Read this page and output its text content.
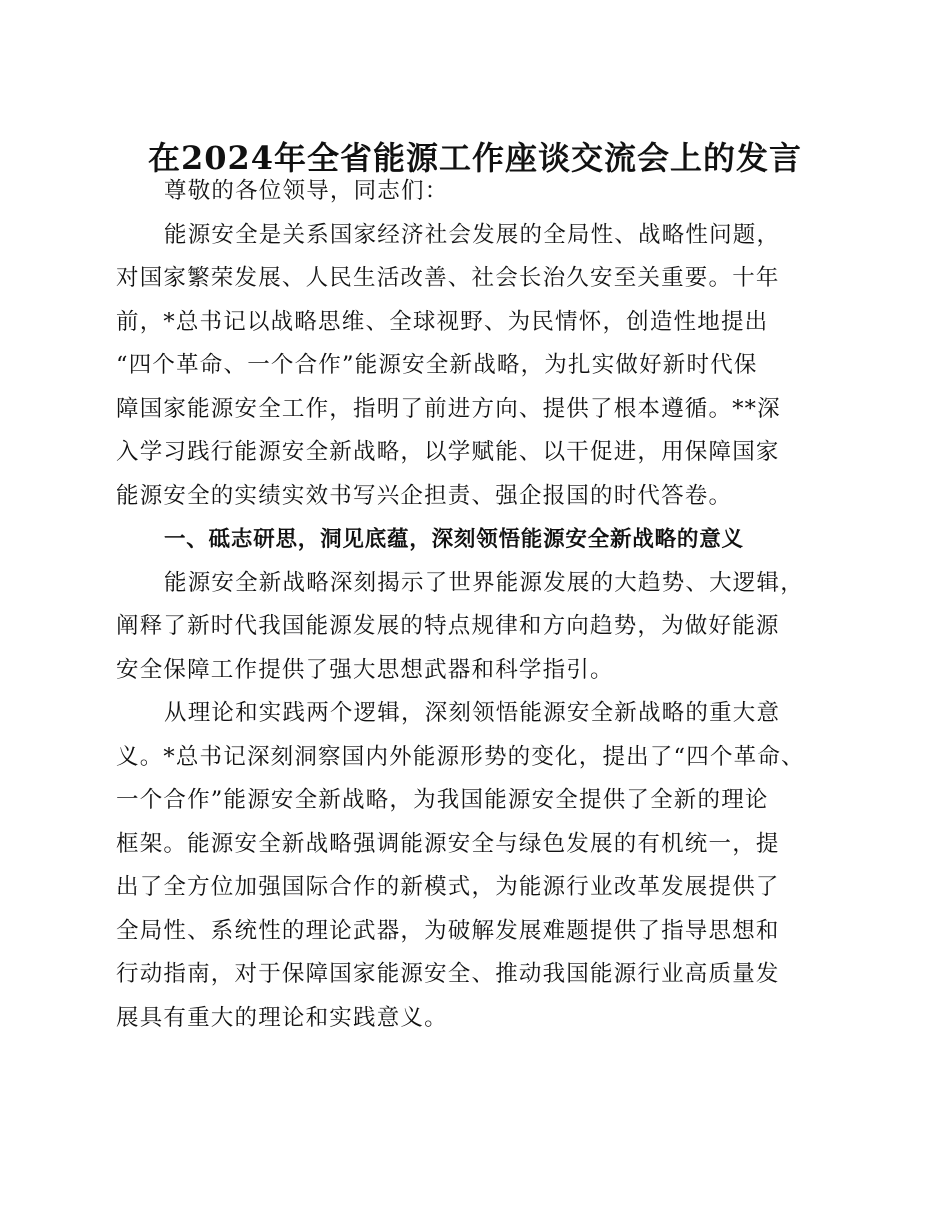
在2024年全省能源工作座谈交流会上的发言
尊敬的各位领导，同志们：
能源安全是关系国家经济社会发展的全局性、战略性问题，
对国家繁荣发展、人民生活改善、社会长治久安至关重要。十年
前，*总书记以战略思维、全球视野、为民情怀，创造性地提出
“四个革命、一个合作”能源安全新战略，为扎实做好新时代保
障国家能源安全工作，指明了前进方向、提供了根本遵循。**深
入学习践行能源安全新战略，以学赋能、以干促进，用保障国家
能源安全的实绩实效书写兴企担责、强企报国的时代答卷。
一、砥志研思，洞见底蕴，深刻领悟能源安全新战略的意义
能源安全新战略深刻揭示了世界能源发展的大趋势、大逻辑，
阐释了新时代我国能源发展的特点规律和方向趋势，为做好能源
安全保障工作提供了强大思想武器和科学指引。
从理论和实践两个逻辑，深刻领悟能源安全新战略的重大意
义。*总书记深刻洞察国内外能源形势的变化，提出了“四个革命、
一个合作”能源安全新战略，为我国能源安全提供了全新的理论
框架。能源安全新战略强调能源安全与绿色发展的有机统一，提
出了全方位加强国际合作的新模式，为能源行业改革发展提供了
全局性、系统性的理论武器，为破解发展难题提供了指导思想和
行动指南，对于保障国家能源安全、推动我国能源行业高质量发
展具有重大的理论和实践意义。
